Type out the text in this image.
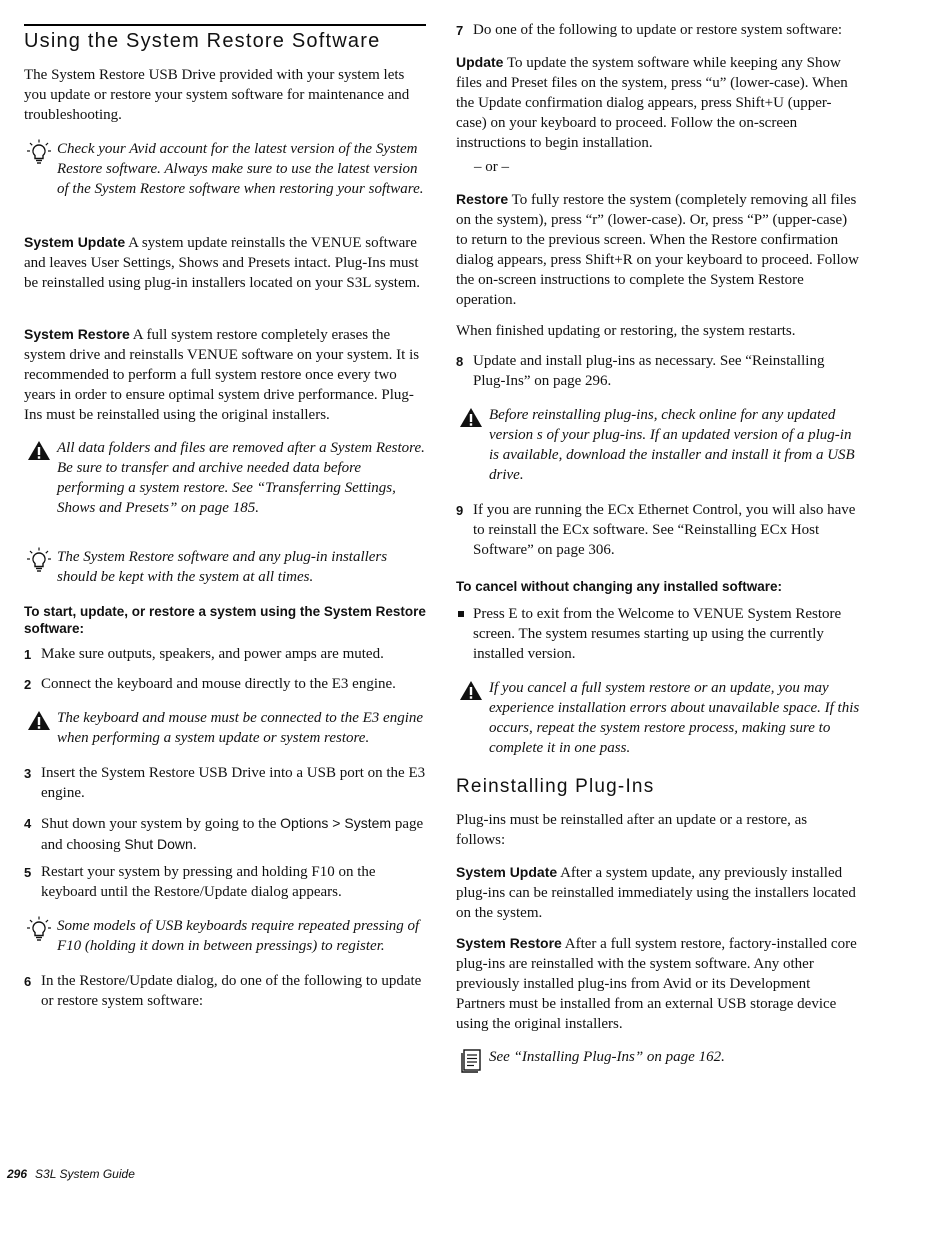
Using the System Restore Software

The System Restore USB Drive provided with your system lets you update or restore your system software for maintenance and troubleshooting.

Check your Avid account for the latest version of the System Restore software. Always make sure to use the latest version of the System Restore software when restoring your software.

System Update A system update reinstalls the VENUE software and leaves User Settings, Shows and Presets intact. Plug-Ins must be reinstalled using plug-in installers located on your S3L system.

System Restore A full system restore completely erases the system drive and reinstalls VENUE software on your system. It is recommended to perform a full system restore once every two years in order to ensure optimal system drive performance. Plug-Ins must be reinstalled using the original installers.

All data folders and files are removed after a System Restore. Be sure to transfer and archive needed data before performing a system restore. See “Transferring Settings, Shows and Presets” on page 185.
The System Restore software and any plug-in installers should be kept with the system at all times.

To start, update, or restore a system using the System Restore software:

1 Make sure outputs, speakers, and power amps are muted.
2 Connect the keyboard and mouse directly to the E3 engine.
The keyboard and mouse must be connected to the E3 engine when performing a system update or system restore.
3 Insert the System Restore USB Drive into a USB port on the E3 engine.
4 Shut down your system by going to the Options > System page and choosing Shut Down.
5 Restart your system by pressing and holding F10 on the keyboard until the Restore/Update dialog appears.
Some models of USB keyboards require repeated pressing of F10 (holding it down in between pressings) to register.
6 In the Restore/Update dialog, do one of the following to update or restore system software:
7 Do one of the following to update or restore system software:

Update To update the system software while keeping any Show files and Preset files on the system, press “u” (lower-case). When the Update confirmation dialog appears, press Shift+U (upper-case) on your keyboard to proceed. Follow the on-screen instructions to begin installation.

– or –

Restore To fully restore the system (completely removing all files on the system), press “r” (lower-case). Or, press “P” (upper-case) to return to the previous screen. When the Restore confirmation dialog appears, press Shift+R on your keyboard to proceed. Follow the on-screen instructions to complete the System Restore operation.

When finished updating or restoring, the system restarts.

8 Update and install plug-ins as necessary. See “Reinstalling Plug-Ins” on page 296.
Before reinstalling plug-ins, check online for any updated version s of your plug-ins. If an updated version of a plug-in is available, download the installer and install it from a USB drive.
9 If you are running the ECx Ethernet Control, you will also have to reinstall the ECx software. See “Reinstalling ECx Host Software” on page 306.

To cancel without changing any installed software:

Press E to exit from the Welcome to VENUE System Restore screen. The system resumes starting up using the currently installed version.
If you cancel a full system restore or an update, you may experience installation errors about unavailable space. If this occurs, repeat the system restore process, making sure to complete it in one pass.
Reinstalling Plug-Ins

Plug-ins must be reinstalled after an update or a restore, as follows:

System Update After a system update, any previously installed plug-ins can be reinstalled immediately using the installers located on the system.

System Restore After a full system restore, factory-installed core plug-ins are reinstalled with the system software. Any other previously installed plug-ins from Avid or its Development Partners must be installed from an external USB storage device using the original installers.

See “Installing Plug-Ins” on page 162.
296 S3L System Guide
